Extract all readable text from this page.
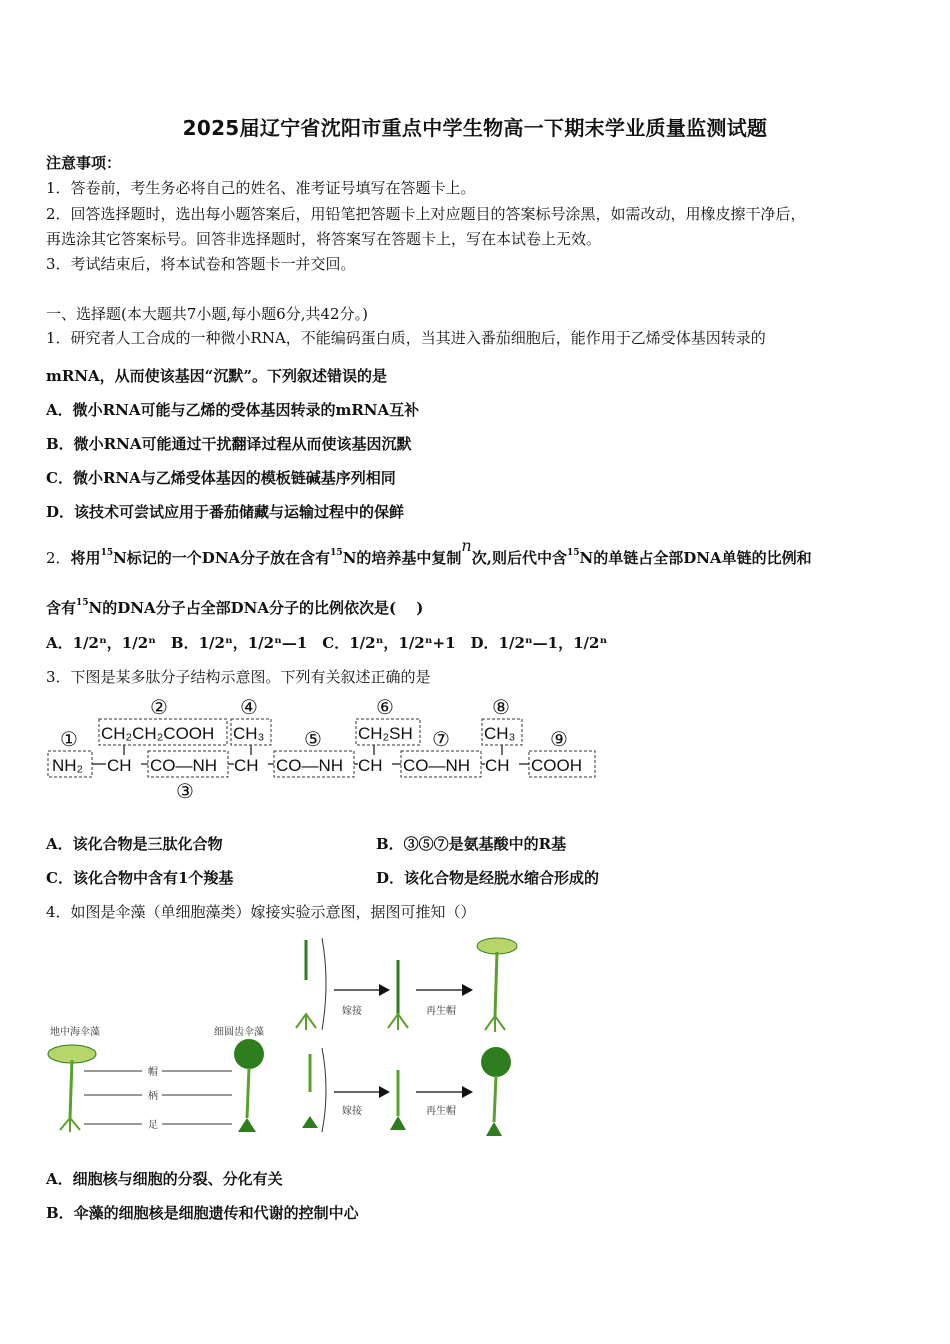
2025届辽宁省沈阳市重点中学生物高一下期末学业质量监测试题
注意事项：
1．答卷前，考生务必将自己的姓名、准考证号填写在答题卡上。
2．回答选择题时，选出每小题答案后，用铅笔把答题卡上对应题目的答案标号涂黑，如需改动，用橡皮擦干净后，
再选涂其它答案标号。回答非选择题时，将答案写在答题卡上，写在本试卷上无效。
3．考试结束后，将本试卷和答题卡一并交回。
一、选择题(本大题共7小题,每小题6分,共42分。)
1．研究者人工合成的一种微小RNA，不能编码蛋白质，当其进入番茄细胞后，能作用于乙烯受体基因转录的
mRNA，从而使该基因“沉默”。下列叙述错误的是
A．微小RNA可能与乙烯的受体基因转录的mRNA互补
B．微小RNA可能通过干扰翻译过程从而使该基因沉默
C．微小RNA与乙烯受体基因的模板链碱基序列相同
D．该技术可尝试应用于番茄储藏与运输过程中的保鲜
2．将用$^{15}$N标记的一个DNA分子放在含有$^{15}$N的培养基中复制n次,则后代中含$^{15}$N的单链占全部DNA单链的比例和
含有$^{15}$N的DNA分子占全部DNA分子的比例依次是(　 )
A．1/2ⁿ，1/2ⁿ　B．1/2ⁿ，1/2ⁿ—1　C．1/2ⁿ，1/2ⁿ+1　D．1/2ⁿ—1，1/2ⁿ
3．下图是某多肽分子结构示意图。下列有关叙述正确的是
NH₂ CH CO—NH CH CO—NH CH CO—NH CH COOH
CH₂CH₂COOH CH₃	CH₂SH	CH₃
①
②
③
④
⑤
⑥
⑦
⑧
⑨
A．该化合物是三肽化合物	B．③⑤⑦是氨基酸中的R基
C．该化合物中含有1个羧基	D．该化合物是经脱水缩合形成的
4．如图是伞藻（单细胞藻类）嫁接实验示意图，据图可推知（）
地中海伞藻	细圆齿伞藻
帽
柄
足
嫁接	再生帽
嫁接	再生帽
A．细胞核与细胞的分裂、分化有关
B．伞藻的细胞核是细胞遗传和代谢的控制中心
